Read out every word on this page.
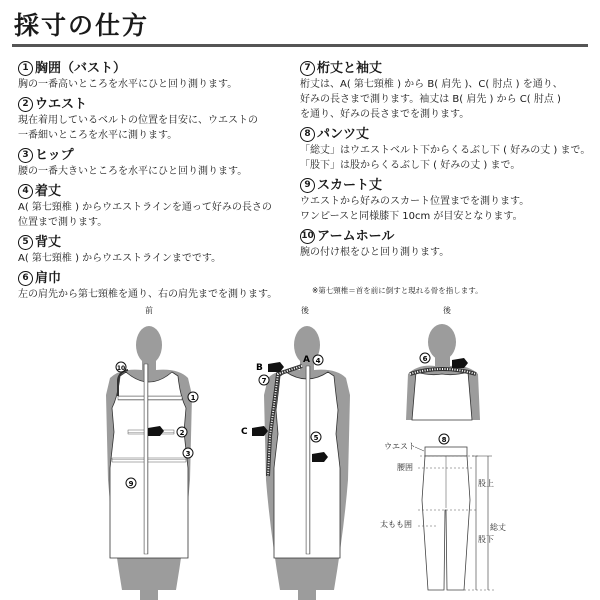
採寸の仕方
1 胸囲（バスト）
胸の一番高いところを水平にひと回り測ります。
2 ウエスト
現在着用しているベルトの位置を目安に、ウエストの
一番細いところを水平に測ります。
3 ヒップ
腰の一番大きいところを水平にひと回り測ります。
4 着丈
A( 第七頸椎 ) からウエストラインを通って好みの長さの
位置まで測ります。
5 背丈
A( 第七頸椎 ) からウエストラインまでです。
6 肩巾
左の肩先から第七頸椎を通り、右の肩先までを測ります。
7 桁丈と袖丈
桁丈は、A( 第七頸椎 ) から B( 肩先 )、C( 肘点 ) を通り、
好みの長さまで測ります。袖丈は B( 肩先 ) から C( 肘点 )
を通り、好みの長さまでを測ります。
8 パンツ丈
「総丈」はウエストベルト下からくるぶし下 ( 好みの丈 ) まで。
「股下」は股からくるぶし下 ( 好みの丈 ) まで。
9 スカート丈
ウエストから好みのスカート位置までを測ります。
ワンピースと同様膝下 10cm が目安となります。
10 アームホール
腕の付け根をひと回り測ります。
※第七頸椎＝首を前に倒すと現れる骨を指します。
前
10
1
2
3
9
後
A
B
C
4
7
5
後
6
8
ウエスト
腰囲
太もも囲
股上
総丈
股下
